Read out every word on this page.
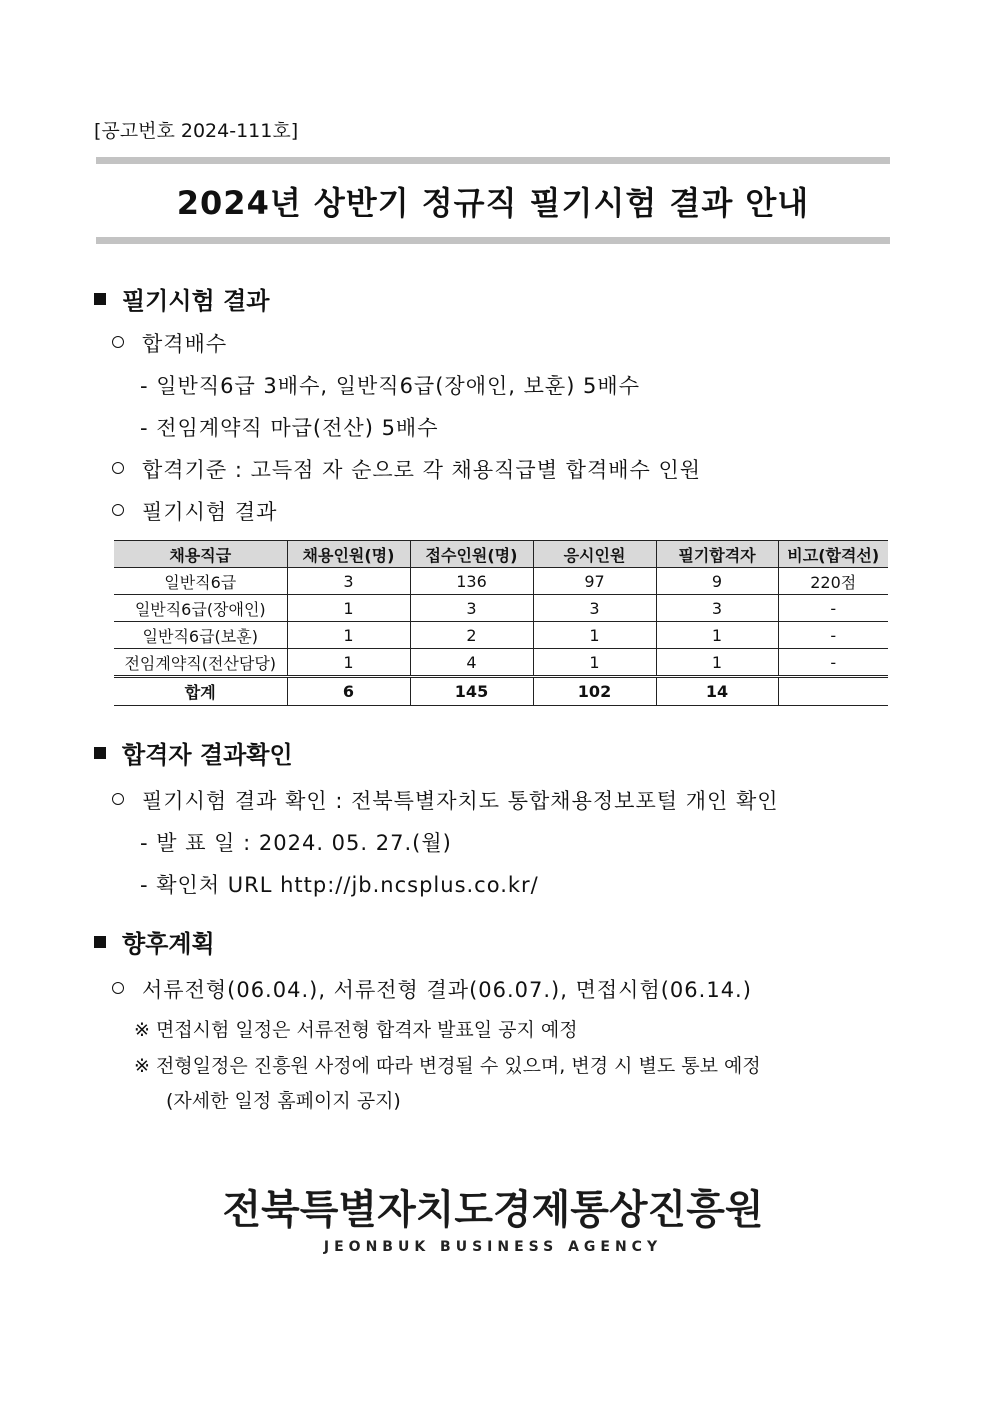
[공고번호 2024-111호]
2024년 상반기 정규직 필기시험 결과 안내
필기시험 결과
합격배수
- 일반직6급 3배수, 일반직6급(장애인, 보훈) 5배수
- 전임계약직 마급(전산) 5배수
합격기준 : 고득점 자 순으로 각 채용직급별 합격배수 인원
필기시험 결과
채용직급	채용인원(명)	접수인원(명)	응시인원	필기합격자	비고(합격선)
일반직6급	3	136	97	9	220점
일반직6급(장애인)	1	3	3	3	-
일반직6급(보훈)	1	2	1	1	-
전임계약직(전산담당)	1	4	1	1	-
합계	6	145	102	14	
합격자 결과확인
필기시험 결과 확인 : 전북특별자치도 통합채용정보포털 개인 확인
- 발 표 일 : 2024. 05. 27.(월)
- 확인처 URL http://jb.ncsplus.co.kr/
향후계획
서류전형(06.04.), 서류전형 결과(06.07.), 면접시험(06.14.)
※ 면접시험 일정은 서류전형 합격자 발표일 공지 예정
※ 전형일정은 진흥원 사정에 따라 변경될 수 있으며, 변경 시 별도 통보 예정
(자세한 일정 홈페이지 공지)
전북특별자치도경제통상진흥원
JEONBUK BUSINESS AGENCY
